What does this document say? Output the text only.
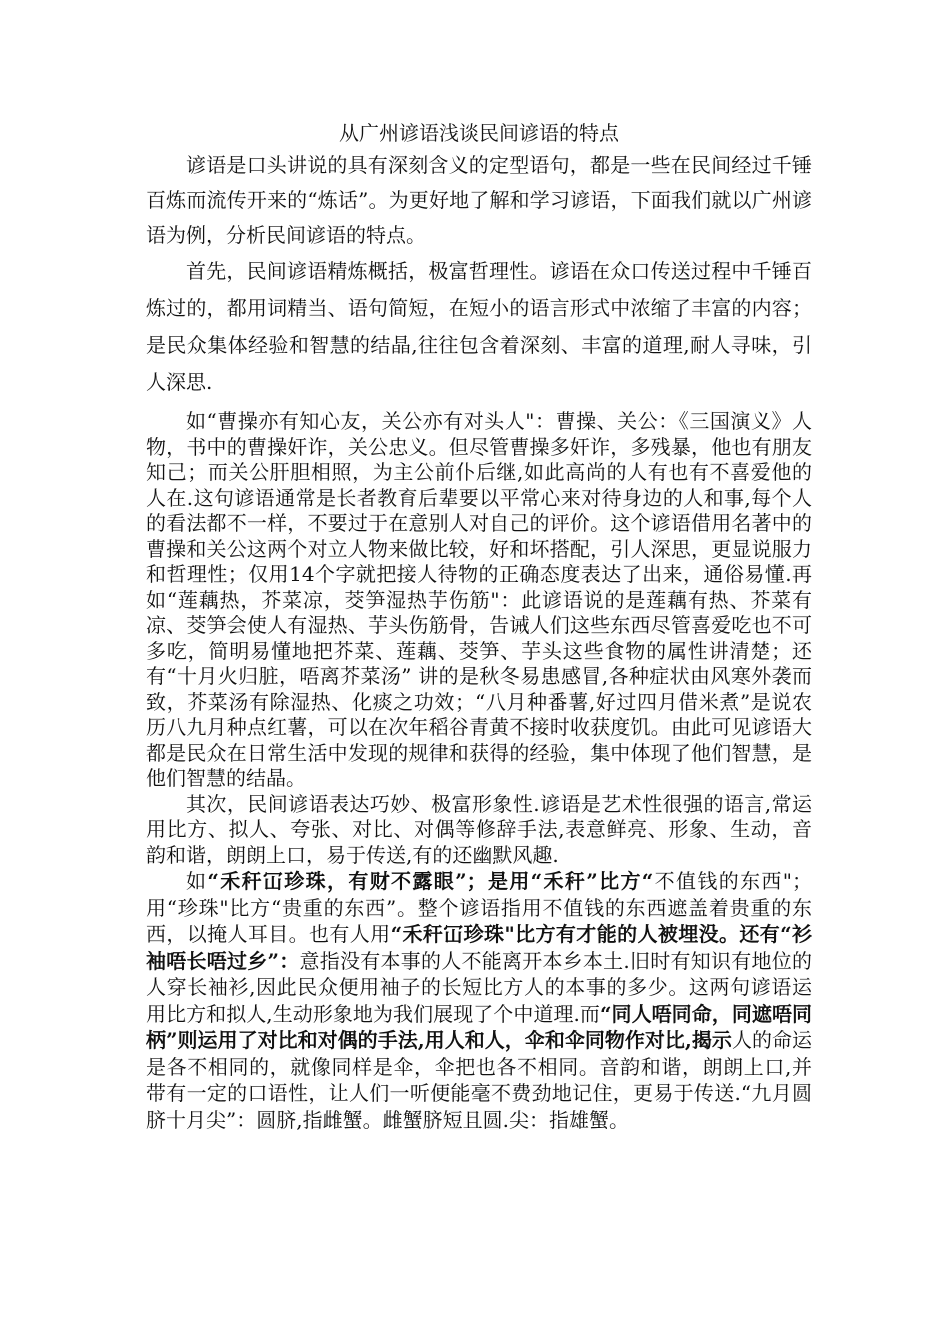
从广州谚语浅谈民间谚语的特点

谚语是口头讲说的具有深刻含义的定型语句，都是一些在民间经过千锤百炼而流传开来的“炼话”。为更好地了解和学习谚语，下面我们就以广州谚语为例，分析民间谚语的特点。

首先，民间谚语精炼概括，极富哲理性。谚语在众口传送过程中千锤百炼过的，都用词精当、语句简短，在短小的语言形式中浓缩了丰富的内容；是民众集体经验和智慧的结晶,往往包含着深刻、丰富的道理,耐人寻味，引人深思.

如“曹操亦有知心友，关公亦有对头人"：曹操、关公：《三国演义》人物，书中的曹操奸诈，关公忠义。但尽管曹操多奸诈，多残暴，他也有朋友知己；而关公肝胆相照，为主公前仆后继,如此高尚的人有也有不喜爱他的人在.这句谚语通常是长者教育后辈要以平常心来对待身边的人和事,每个人的看法都不一样，不要过于在意别人对自己的评价。这个谚语借用名著中的曹操和关公这两个对立人物来做比较，好和坏搭配，引人深思，更显说服力和哲理性；仅用14个字就把接人待物的正确态度表达了出来，通俗易懂.再如“莲藕热，芥菜凉，茭笋湿热芋伤筋"：此谚语说的是莲藕有热、芥菜有凉、茭笋会使人有湿热、芋头伤筋骨，告诫人们这些东西尽管喜爱吃也不可多吃，简明易懂地把芥菜、莲藕、茭笋、芋头这些食物的属性讲清楚；还有“十月火归脏，唔离芥菜汤” 讲的是秋冬易患感冒,各种症状由风寒外袭而致，芥菜汤有除湿热、化痰之功效；“八月种番薯,好过四月借米煮”是说农历八九月种点红薯，可以在次年稻谷青黄不接时收获度饥。由此可见谚语大都是民众在日常生活中发现的规律和获得的经验，集中体现了他们智慧，是他们智慧的结晶。

其次，民间谚语表达巧妙、极富形象性.谚语是艺术性很强的语言,常运用比方、拟人、夸张、对比、对偶等修辞手法,表意鲜亮、形象、生动，音韵和谐，朗朗上口，易于传送,有的还幽默风趣.

如“禾秆冚珍珠，有财不露眼”；是用“禾秆”比方“不值钱的东西"；用“珍珠"比方“贵重的东西”。整个谚语指用不值钱的东西遮盖着贵重的东西，以掩人耳目。也有人用“禾秆冚珍珠"比方有才能的人被埋没。还有“衫袖唔长唔过乡”：意指没有本事的人不能离开本乡本土.旧时有知识有地位的人穿长袖衫,因此民众便用袖子的长短比方人的本事的多少。这两句谚语运用比方和拟人,生动形象地为我们展现了个中道理.而“同人唔同命，同遮唔同柄”则运用了对比和对偶的手法,用人和人，伞和伞同物作对比,揭示人的命运是各不相同的，就像同样是伞，伞把也各不相同。音韵和谐，朗朗上口,并带有一定的口语性，让人们一听便能毫不费劲地记住，更易于传送.“九月圆脐十月尖”：圆脐,指雌蟹。雌蟹脐短且圆.尖：指雄蟹。
